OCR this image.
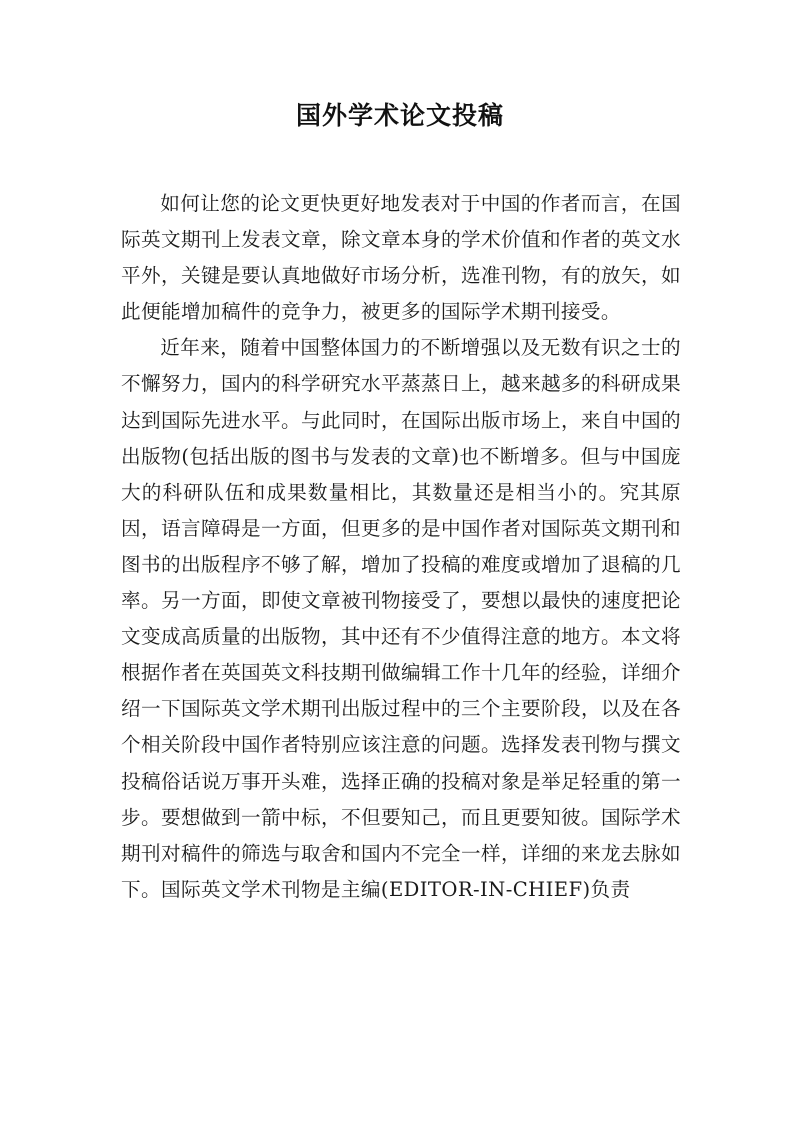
国外学术论文投稿

如何让您的论文更快更好地发表对于中国的作者而言，在国际英文期刊上发表文章，除文章本身的学术价值和作者的英文水平外，关键是要认真地做好市场分析，选准刊物，有的放矢，如此便能增加稿件的竞争力，被更多的国际学术期刊接受。

近年来，随着中国整体国力的不断增强以及无数有识之士的不懈努力，国内的科学研究水平蒸蒸日上，越来越多的科研成果达到国际先进水平。与此同时，在国际出版市场上，来自中国的出版物(包括出版的图书与发表的文章)也不断增多。但与中国庞大的科研队伍和成果数量相比，其数量还是相当小的。究其原因，语言障碍是一方面，但更多的是中国作者对国际英文期刊和图书的出版程序不够了解，增加了投稿的难度或增加了退稿的几率。另一方面，即使文章被刊物接受了，要想以最快的速度把论文变成高质量的出版物，其中还有不少值得注意的地方。本文将根据作者在英国英文科技期刊做编辑工作十几年的经验，详细介绍一下国际英文学术期刊出版过程中的三个主要阶段，以及在各个相关阶段中国作者特别应该注意的问题。选择发表刊物与撰文投稿俗话说万事开头难，选择正确的投稿对象是举足轻重的第一步。要想做到一箭中标，不但要知己，而且更要知彼。国际学术期刊对稿件的筛选与取舍和国内不完全一样，详细的来龙去脉如下。国际英文学术刊物是主编(EDITOR-IN-CHIEF)负责
